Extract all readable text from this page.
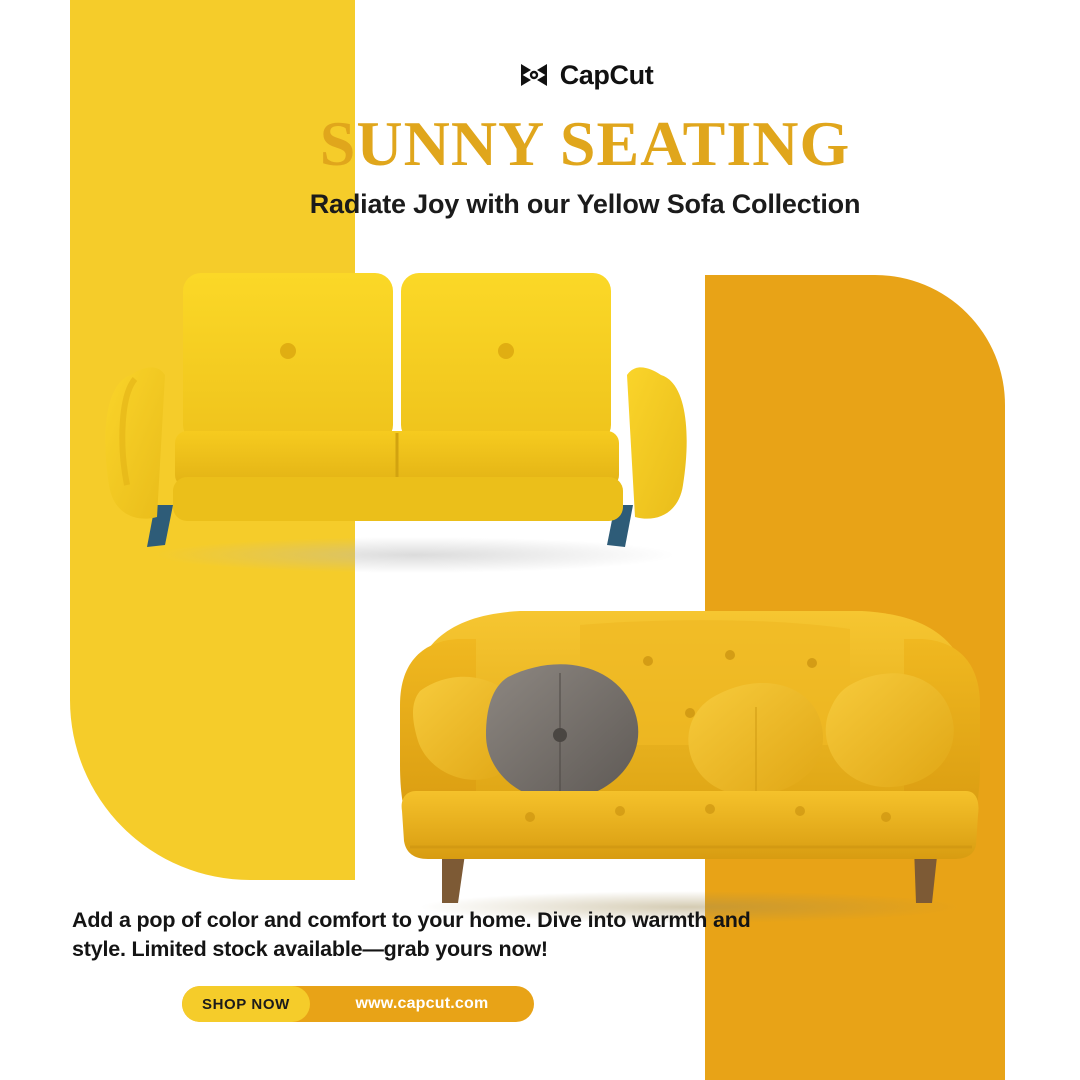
CapCut
SUNNY SEATING

Radiate Joy with our Yellow Sofa Collection

Add a pop of color and comfort to your home. Dive into warmth and style. Limited stock available—grab yours now!

SHOP NOW	www.capcut.com
